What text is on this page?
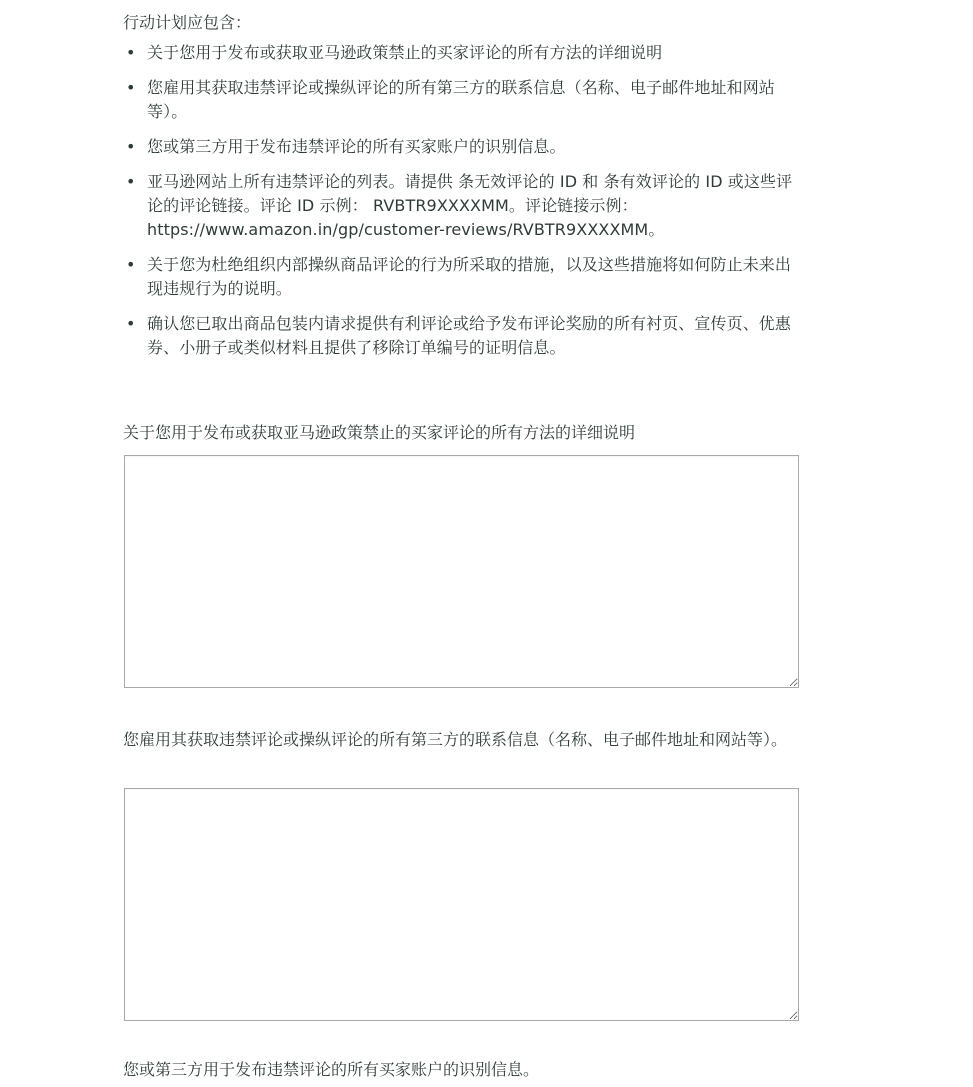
行动计划应包含：

• 关于您用于发布或获取亚马逊政策禁止的买家评论的所有方法的详细说明
• 您雇用其获取违禁评论或操纵评论的所有第三方的联系信息（名称、电子邮件地址和网站等）。
• 您或第三方用于发布违禁评论的所有买家账户的识别信息。
• 亚马逊网站上所有违禁评论的列表。请提供 条无效评论的 ID 和 条有效评论的 ID 或这些评论的评论链接。评论 ID 示例： RVBTR9XXXXMM。评论链接示例：https://www.amazon.in/gp/customer-reviews/RVBTR9XXXXMM。
• 关于您为杜绝组织内部操纵商品评论的行为所采取的措施，以及这些措施将如何防止未来出现违规行为的说明。
• 确认您已取出商品包装内请求提供有利评论或给予发布评论奖励的所有衬页、宣传页、优惠券、小册子或类似材料且提供了移除订单编号的证明信息。

关于您用于发布或获取亚马逊政策禁止的买家评论的所有方法的详细说明

您雇用其获取违禁评论或操纵评论的所有第三方的联系信息（名称、电子邮件地址和网站等）。

您或第三方用于发布违禁评论的所有买家账户的识别信息。
